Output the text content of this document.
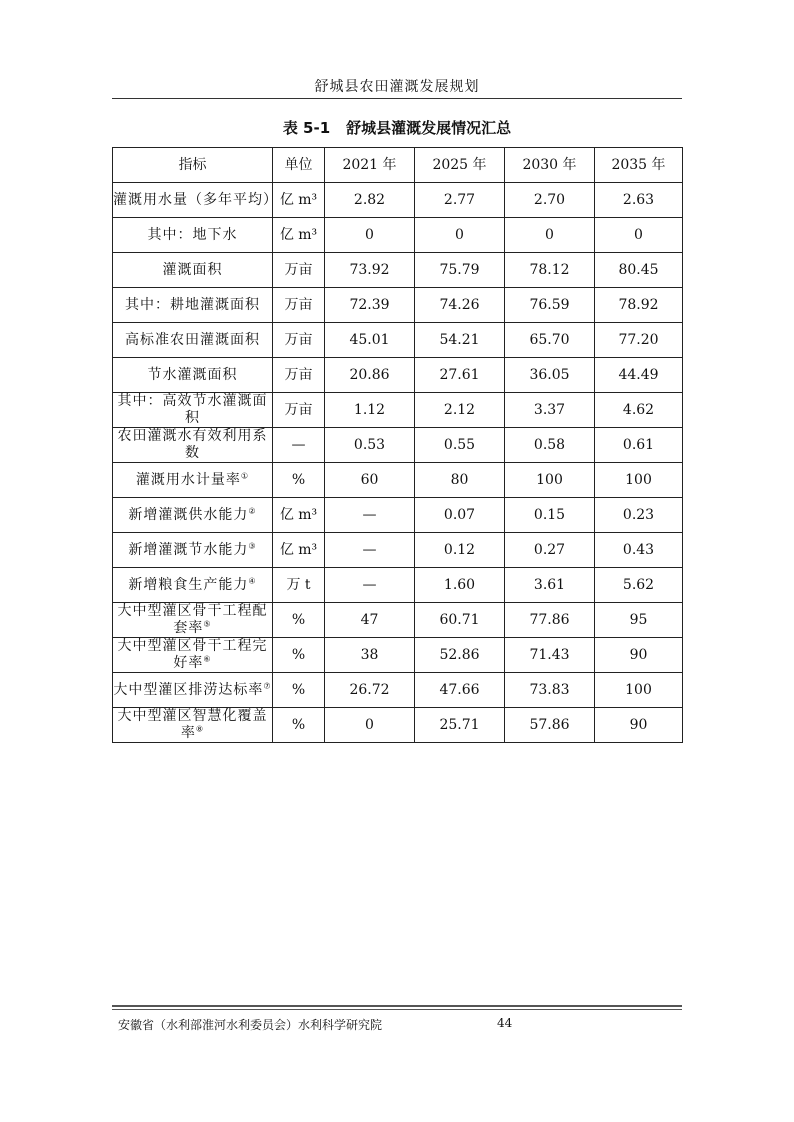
舒城县农田灌溉发展规划
表 5-1 舒城县灌溉发展情况汇总
指标	单位	2021 年	2025 年	2030 年	2035 年
灌溉用水量（多年平均）	亿 m³	2.82	2.77	2.70	2.63
其中：地下水	亿 m³	0	0	0	0
灌溉面积	万亩	73.92	75.79	78.12	80.45
其中：耕地灌溉面积	万亩	72.39	74.26	76.59	78.92
高标准农田灌溉面积	万亩	45.01	54.21	65.70	77.20
节水灌溉面积	万亩	20.86	27.61	36.05	44.49
其中：高效节水灌溉面积	万亩	1.12	2.12	3.37	4.62
农田灌溉水有效利用系数	—	0.53	0.55	0.58	0.61
灌溉用水计量率①	%	60	80	100	100
新增灌溉供水能力②	亿 m³	—	0.07	0.15	0.23
新增灌溉节水能力③	亿 m³	—	0.12	0.27	0.43
新增粮食生产能力④	万 t	—	1.60	3.61	5.62
大中型灌区骨干工程配套率⑤	%	47	60.71	77.86	95
大中型灌区骨干工程完好率⑥	%	38	52.86	71.43	90
大中型灌区排涝达标率⑦	%	26.72	47.66	73.83	100
大中型灌区智慧化覆盖率⑧	%	0	25.71	57.86	90
安徽省（水利部淮河水利委员会）水利科学研究院	44
